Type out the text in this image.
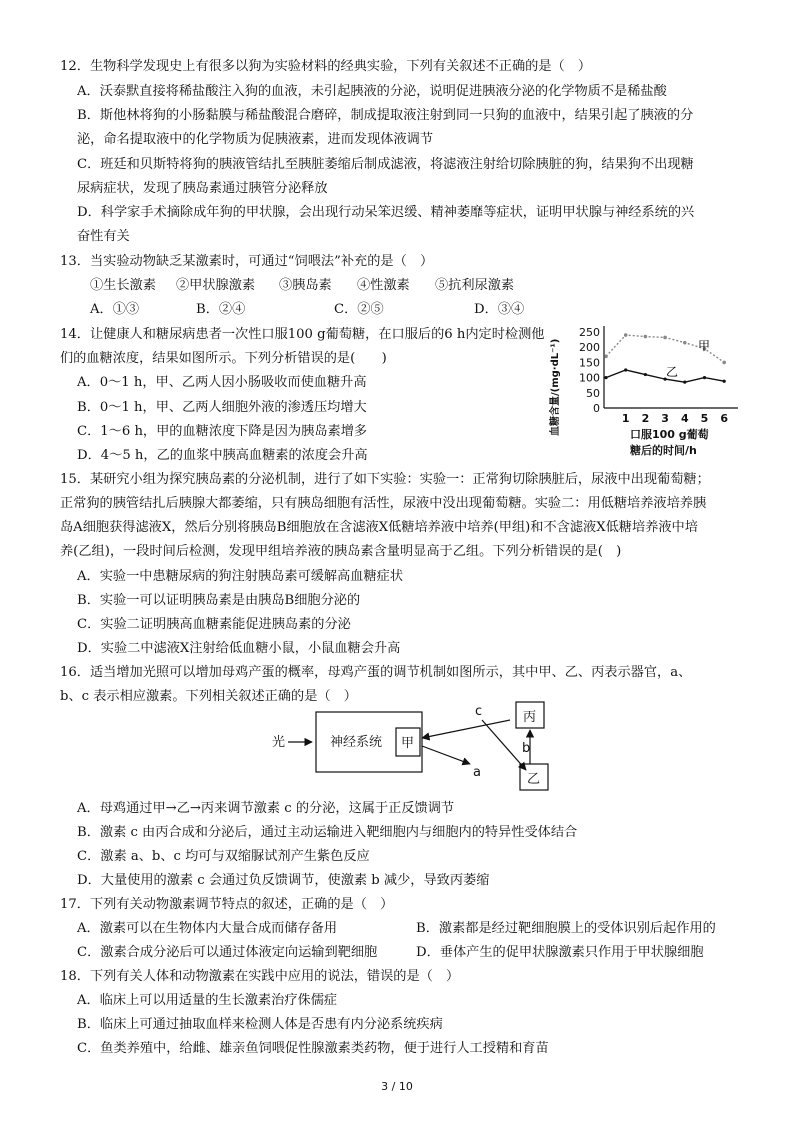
12．生物科学发现史上有很多以狗为实验材料的经典实验，下列有关叙述不正确的是（　）
A．沃泰默直接将稀盐酸注入狗的血液，未引起胰液的分泌，说明促进胰液分泌的化学物质不是稀盐酸
B．斯他林将狗的小肠黏膜与稀盐酸混合磨碎，制成提取液注射到同一只狗的血液中，结果引起了胰液的分
泌，命名提取液中的化学物质为促胰液素，进而发现体液调节
C．班廷和贝斯特将狗的胰液管结扎至胰脏萎缩后制成滤液，将滤液注射给切除胰脏的狗，结果狗不出现糖
尿病症状，发现了胰岛素通过胰管分泌释放
D．科学家手术摘除成年狗的甲状腺，会出现行动呆笨迟缓、精神萎靡等症状，证明甲状腺与神经系统的兴
奋性有关
13．当实验动物缺乏某激素时，可通过“饲喂法”补充的是（　）
①生长激素 ②甲状腺激素 ③胰岛素 ④性激素 ⑤抗利尿激素
A．①③	B．②④	C．②⑤	D．③④
14．让健康人和糖尿病患者一次性口服100 g葡萄糖，在口服后的6 h内定时检测他
们的血糖浓度，结果如图所示。下列分析错误的是(　　)
A．0～1 h，甲、乙两人因小肠吸收而使血糖升高
B．0～1 h，甲、乙两人细胞外液的渗透压均增大
C．1～6 h，甲的血糖浓度下降是因为胰岛素增多
D．4～5 h，乙的血浆中胰高血糖素的浓度会升高
血糖含量/(mg·dL⁻¹)
250
200
150
100
50
0
1 2 3 4 5 6
口服100 g葡萄
糖后的时间/h
甲
乙
15．某研究小组为探究胰岛素的分泌机制，进行了如下实验：实验一：正常狗切除胰脏后，尿液中出现葡萄糖；
正常狗的胰管结扎后胰腺大都萎缩，只有胰岛细胞有活性，尿液中没出现葡萄糖。实验二：用低糖培养液培养胰
岛A细胞获得滤液X，然后分别将胰岛B细胞放在含滤液X低糖培养液中培养(甲组)和不含滤液X低糖培养液中培
养(乙组)，一段时间后检测，发现甲组培养液的胰岛素含量明显高于乙组。下列分析错误的是(　)
A．实验一中患糖尿病的狗注射胰岛素可缓解高血糖症状
B．实验一可以证明胰岛素是由胰岛B细胞分泌的
C．实验二证明胰高血糖素能促进胰岛素的分泌
D．实验二中滤液X注射给低血糖小鼠，小鼠血糖会升高
16．适当增加光照可以增加母鸡产蛋的概率，母鸡产蛋的调节机制如图所示，其中甲、乙、丙表示器官，a、
b、c 表示相应激素。下列相关叙述正确的是（　）
光	神经系统 甲
c
a
丙
乙
b
A．母鸡通过甲→乙→丙来调节激素 c 的分泌，这属于正反馈调节
B．激素 c 由丙合成和分泌后，通过主动运输进入靶细胞内与细胞内的特异性受体结合
C．激素 a、b、c 均可与双缩脲试剂产生紫色反应
D．大量使用的激素 c 会通过负反馈调节，使激素 b 减少，导致丙萎缩
17．下列有关动物激素调节特点的叙述，正确的是（　）
A．激素可以在生物体内大量合成而储存备用	B．激素都是经过靶细胞膜上的受体识别后起作用的
C．激素合成分泌后可以通过体液定向运输到靶细胞	D．垂体产生的促甲状腺激素只作用于甲状腺细胞
18．下列有关人体和动物激素在实践中应用的说法，错误的是（　）
A．临床上可以用适量的生长激素治疗侏儒症
B．临床上可通过抽取血样来检测人体是否患有内分泌系统疾病
C．鱼类养殖中，给雌、雄亲鱼饲喂促性腺激素类药物，便于进行人工授精和育苗
3 / 10
